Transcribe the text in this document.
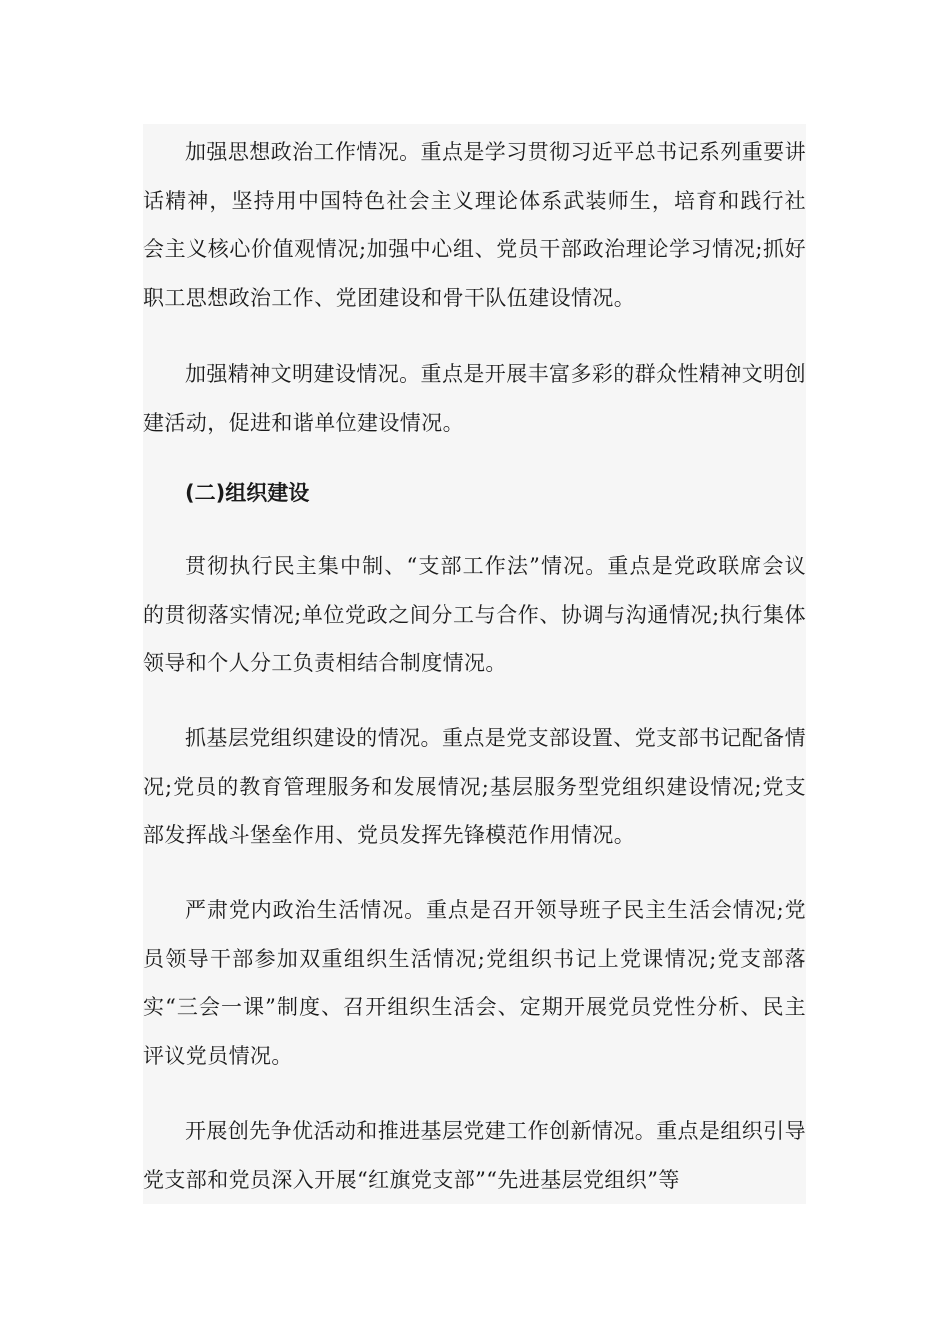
加强思想政治工作情况。重点是学习贯彻习近平总书记系列重要讲话精神，坚持用中国特色社会主义理论体系武装师生，培育和践行社会主义核心价值观情况;加强中心组、党员干部政治理论学习情况;抓好职工思想政治工作、党团建设和骨干队伍建设情况。

加强精神文明建设情况。重点是开展丰富多彩的群众性精神文明创建活动，促进和谐单位建设情况。

(二)组织建设

贯彻执行民主集中制、“支部工作法”情况。重点是党政联席会议的贯彻落实情况;单位党政之间分工与合作、协调与沟通情况;执行集体领导和个人分工负责相结合制度情况。

抓基层党组织建设的情况。重点是党支部设置、党支部书记配备情况;党员的教育管理服务和发展情况;基层服务型党组织建设情况;党支部发挥战斗堡垒作用、党员发挥先锋模范作用情况。

严肃党内政治生活情况。重点是召开领导班子民主生活会情况;党员领导干部参加双重组织生活情况;党组织书记上党课情况;党支部落实“三会一课”制度、召开组织生活会、定期开展党员党性分析、民主评议党员情况。

开展创先争优活动和推进基层党建工作创新情况。重点是组织引导党支部和党员深入开展“红旗党支部”“先进基层党组织”等
